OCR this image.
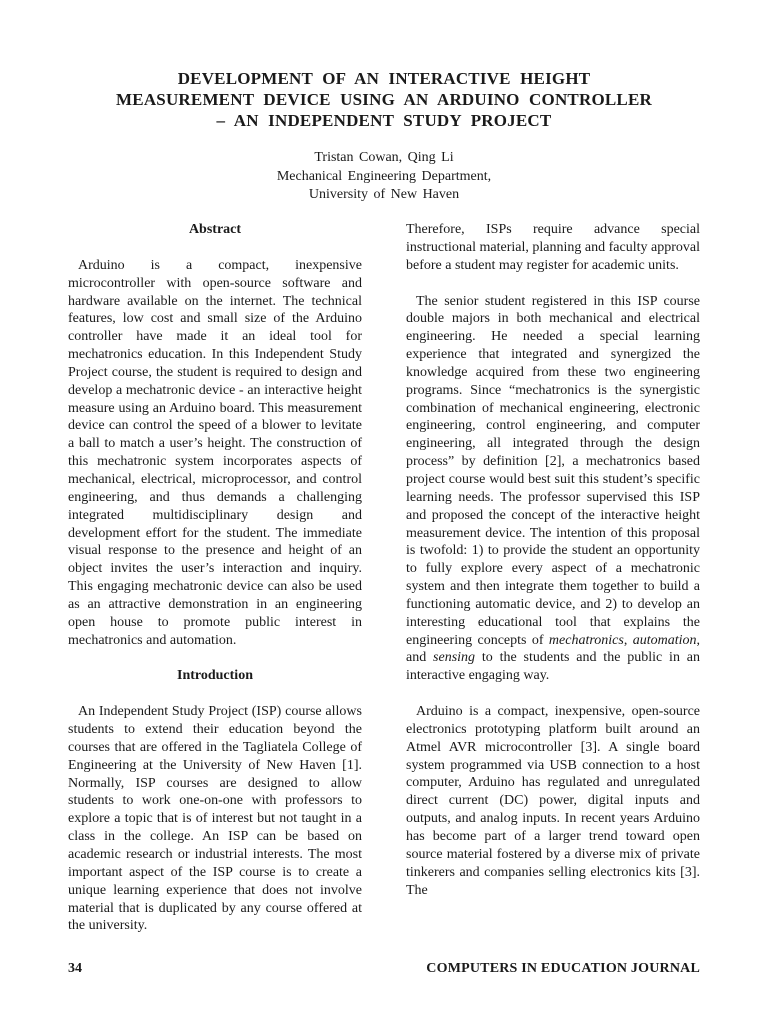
DEVELOPMENT OF AN INTERACTIVE HEIGHT
MEASUREMENT DEVICE USING AN ARDUINO CONTROLLER
– AN INDEPENDENT STUDY PROJECT
Tristan Cowan, Qing Li
Mechanical Engineering Department,
University of New Haven
Abstract

Arduino is a compact, inexpensive microcontroller with open-source software and hardware available on the internet. The technical features, low cost and small size of the Arduino controller have made it an ideal tool for mechatronics education. In this Independent Study Project course, the student is required to design and develop a mechatronic device - an interactive height measure using an Arduino board. This measurement device can control the speed of a blower to levitate a ball to match a user’s height. The construction of this mechatronic system incorporates aspects of mechanical, electrical, microprocessor, and control engineering, and thus demands a challenging integrated multidisciplinary design and development effort for the student. The immediate visual response to the presence and height of an object invites the user’s interaction and inquiry. This engaging mechatronic device can also be used as an attractive demonstration in an engineering open house to promote public interest in mechatronics and automation.

Introduction

An Independent Study Project (ISP) course allows students to extend their education beyond the courses that are offered in the Tagliatela College of Engineering at the University of New Haven [1]. Normally, ISP courses are designed to allow students to work one-on-one with professors to explore a topic that is of interest but not taught in a class in the college. An ISP can be based on academic research or industrial interests. The most important aspect of the ISP course is to create a unique learning experience that does not involve material that is duplicated by any course offered at the university.

Therefore, ISPs require advance special instructional material, planning and faculty approval before a student may register for academic units.

The senior student registered in this ISP course double majors in both mechanical and electrical engineering. He needed a special learning experience that integrated and synergized the knowledge acquired from these two engineering programs. Since “mechatronics is the synergistic combination of mechanical engineering, electronic engineering, control engineering, and computer engineering, all integrated through the design process” by definition [2], a mechatronics based project course would best suit this student’s specific learning needs. The professor supervised this ISP and proposed the concept of the interactive height measurement device. The intention of this proposal is twofold: 1) to provide the student an opportunity to fully explore every aspect of a mechatronic system and then integrate them together to build a functioning automatic device, and 2) to develop an interesting educational tool that explains the engineering concepts of mechatronics, automation, and sensing to the students and the public in an interactive engaging way.

Arduino is a compact, inexpensive, open-source electronics prototyping platform built around an Atmel AVR microcontroller [3]. A single board system programmed via USB connection to a host computer, Arduino has regulated and unregulated direct current (DC) power, digital inputs and outputs, and analog inputs. In recent years Arduino has become part of a larger trend toward open source material fostered by a diverse mix of private tinkerers and companies selling electronics kits [3]. The

34	COMPUTERS IN EDUCATION JOURNAL
